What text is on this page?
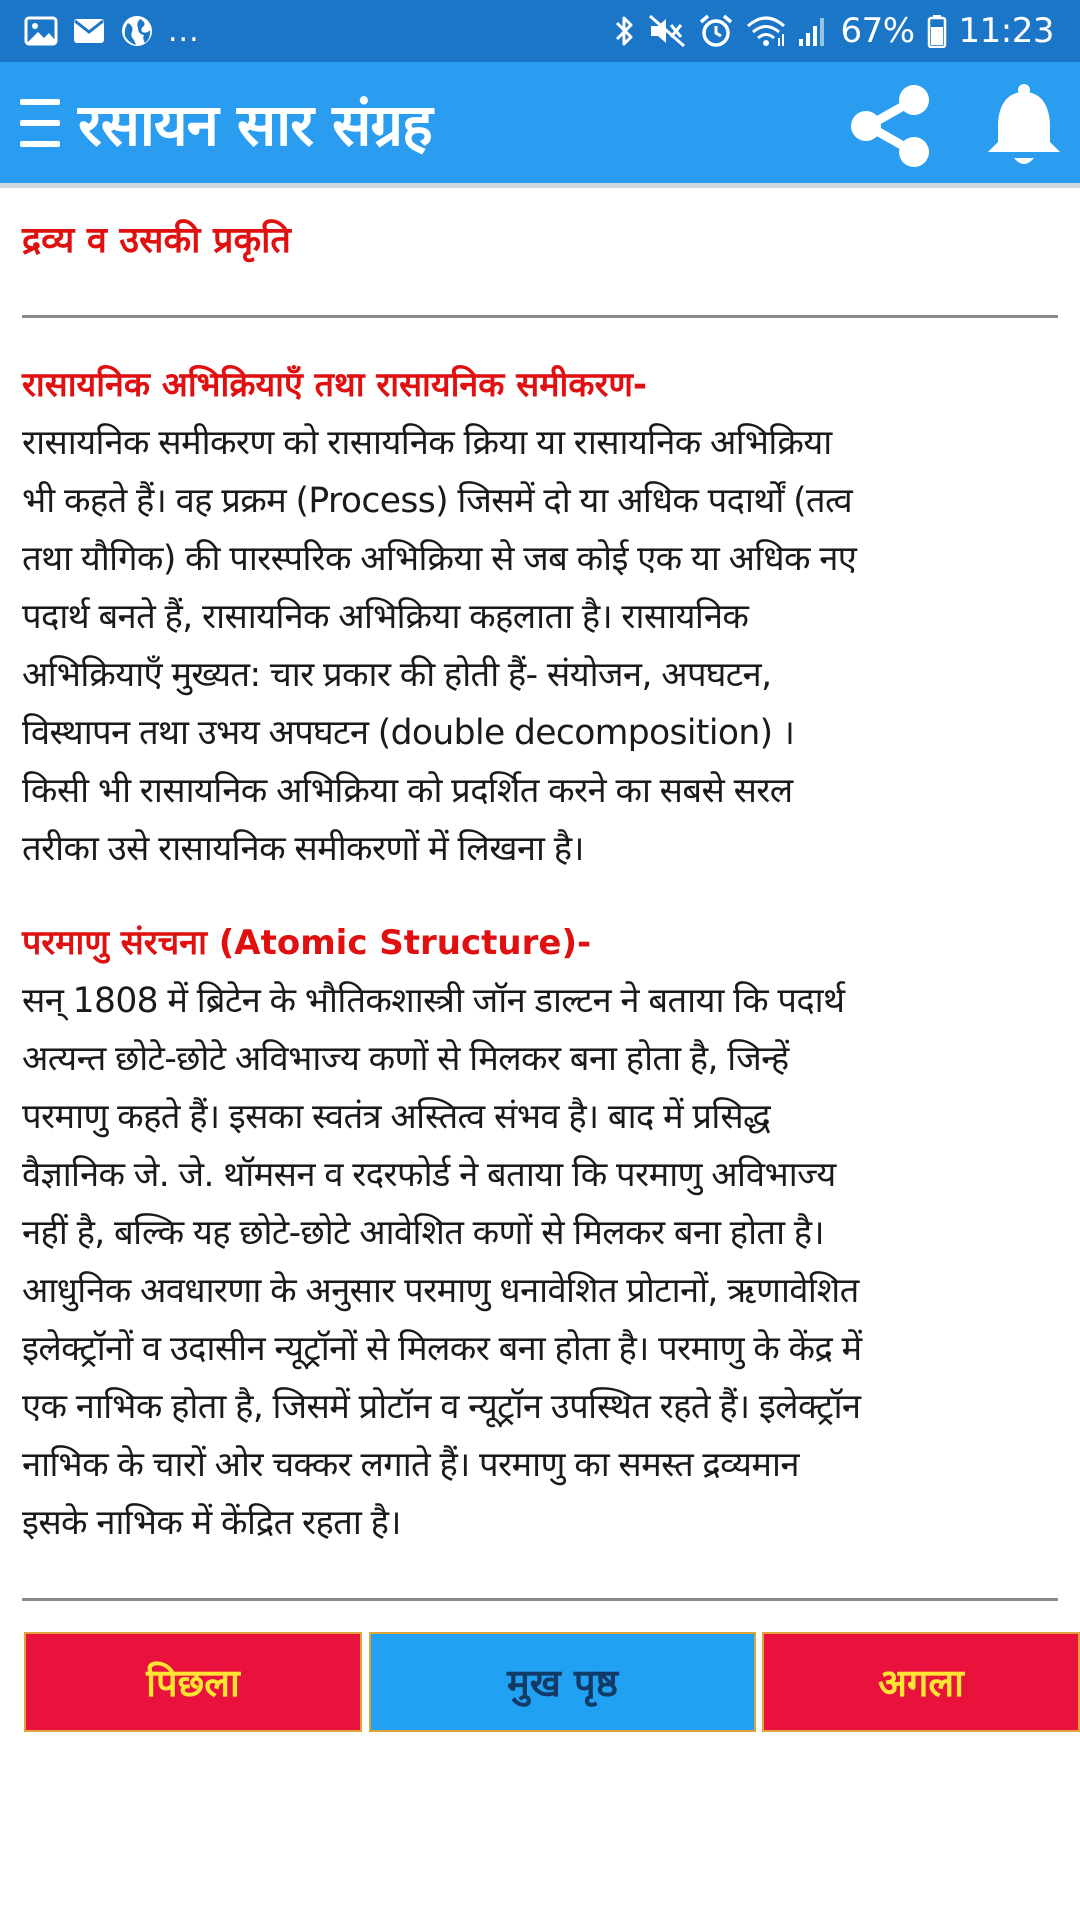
...	67% 11:23
रसायन सार संग्रह
द्रव्य व उसकी प्रकृति
रासायनिक अभिक्रियाएँ तथा रासायनिक समीकरण-
रासायनिक समीकरण को रासायनिक क्रिया या रासायनिक अभिक्रिया
भी कहते हैं। वह प्रक्रम (Process) जिसमें दो या अधिक पदार्थों (तत्व
तथा यौगिक) की पारस्परिक अभिक्रिया से जब कोई एक या अधिक नए
पदार्थ बनते हैं, रासायनिक अभिक्रिया कहलाता है। रासायनिक
अभिक्रियाएँ मुख्यत: चार प्रकार की होती हैं- संयोजन, अपघटन,
विस्थापन तथा उभय अपघटन (double decomposition) ।
किसी भी रासायनिक अभिक्रिया को प्रदर्शित करने का सबसे सरल
तरीका उसे रासायनिक समीकरणों में लिखना है।
परमाणु संरचना (Atomic Structure)-
सन् 1808 में ब्रिटेन के भौतिकशास्त्री जॉन डाल्टन ने बताया कि पदार्थ
अत्यन्त छोटे-छोटे अविभाज्य कणों से मिलकर बना होता है, जिन्हें
परमाणु कहते हैं। इसका स्वतंत्र अस्तित्व संभव है। बाद में प्रसिद्ध
वैज्ञानिक जे. जे. थॉमसन व रदरफोर्ड ने बताया कि परमाणु अविभाज्य
नहीं है, बल्कि यह छोटे-छोटे आवेशित कणों से मिलकर बना होता है।
आधुनिक अवधारणा के अनुसार परमाणु धनावेशित प्रोटानों, ऋणावेशित
इलेक्ट्रॉनों व उदासीन न्यूट्रॉनों से मिलकर बना होता है। परमाणु के केंद्र में
एक नाभिक होता है, जिसमें प्रोटॉन व न्यूट्रॉन उपस्थित रहते हैं। इलेक्ट्रॉन
नाभिक के चारों ओर चक्कर लगाते हैं। परमाणु का समस्त द्रव्यमान
इसके नाभिक में केंद्रित रहता है।
पिछला	मुख पृष्ठ	अगला
